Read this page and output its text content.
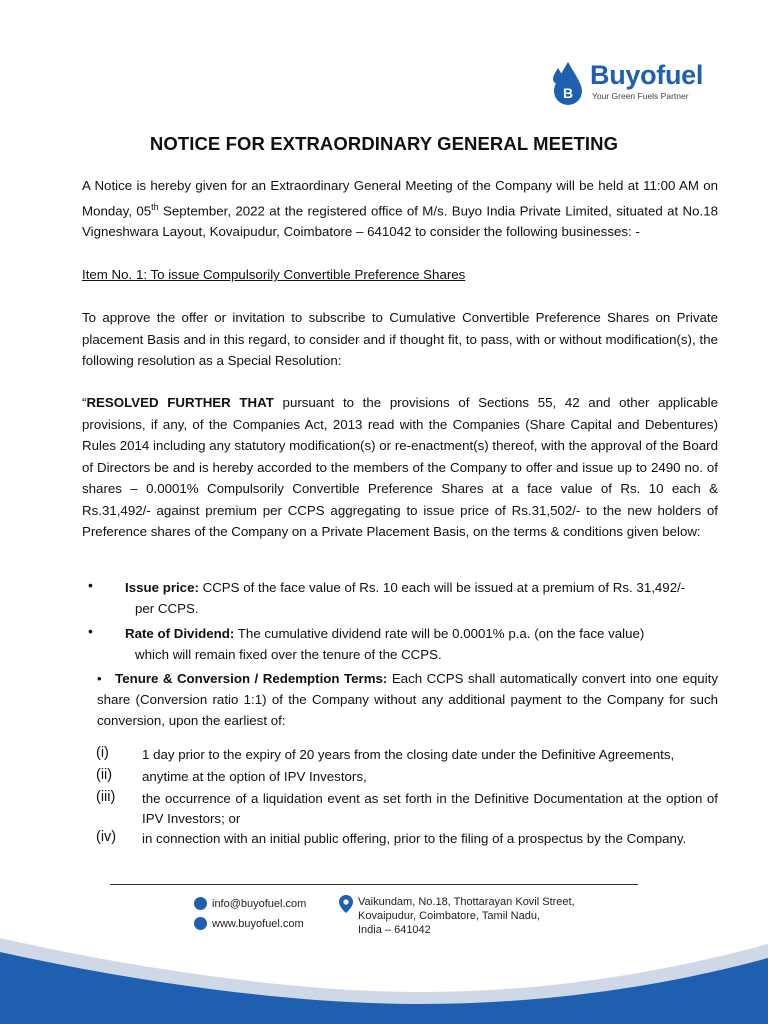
B
Buyofuel
Your Green Fuels Partner
NOTICE FOR EXTRAORDINARY GENERAL MEETING
A Notice is hereby given for an Extraordinary General Meeting of the Company will be held at 11:00 AM on Monday, 05th September, 2022 at the registered office of M/s. Buyo India Private Limited, situated at No.18 Vigneshwara Layout, Kovaipudur, Coimbatore – 641042 to consider the following businesses: -
Item No. 1: To issue Compulsorily Convertible Preference Shares
To approve the offer or invitation to subscribe to Cumulative Convertible Preference Shares on Private placement Basis and in this regard, to consider and if thought fit, to pass, with or without modification(s), the following resolution as a Special Resolution:
“RESOLVED FURTHER THAT pursuant to the provisions of Sections 55, 42 and other applicable provisions, if any, of the Companies Act, 2013 read with the Companies (Share Capital and Debentures) Rules 2014 including any statutory modification(s) or re-enactment(s) thereof, with the approval of the Board of Directors be and is hereby accorded to the members of the Company to offer and issue up to 2490 no. of shares – 0.0001% Compulsorily Convertible Preference Shares at a face value of Rs. 10 each & Rs.31,492/- against premium per CCPS aggregating to issue price of Rs.31,502/- to the new holders of Preference shares of the Company on a Private Placement Basis, on the terms & conditions given below:
• Issue price: CCPS of the face value of Rs. 10 each will be issued at a premium of Rs. 31,492/-
per CCPS.
• Rate of Dividend: The cumulative dividend rate will be 0.0001% p.a. (on the face value)
which will remain fixed over the tenure of the CCPS.
• Tenure & Conversion / Redemption Terms: Each CCPS shall automatically convert into one equity share (Conversion ratio 1:1) of the Company without any additional payment to the Company for such conversion, upon the earliest of:
(i) 1 day prior to the expiry of 20 years from the closing date under the Definitive Agreements,
(ii) anytime at the option of IPV Investors,
(iii) the occurrence of a liquidation event as set forth in the Definitive Documentation at the option of IPV Investors; or
(iv) in connection with an initial public offering, prior to the filing of a prospectus by the Company.
info@buyofuel.com
www.buyofuel.com
Vaikundam, No.18, Thottarayan Kovil Street,
Kovaipudur, Coimbatore, Tamil Nadu,
India – 641042
